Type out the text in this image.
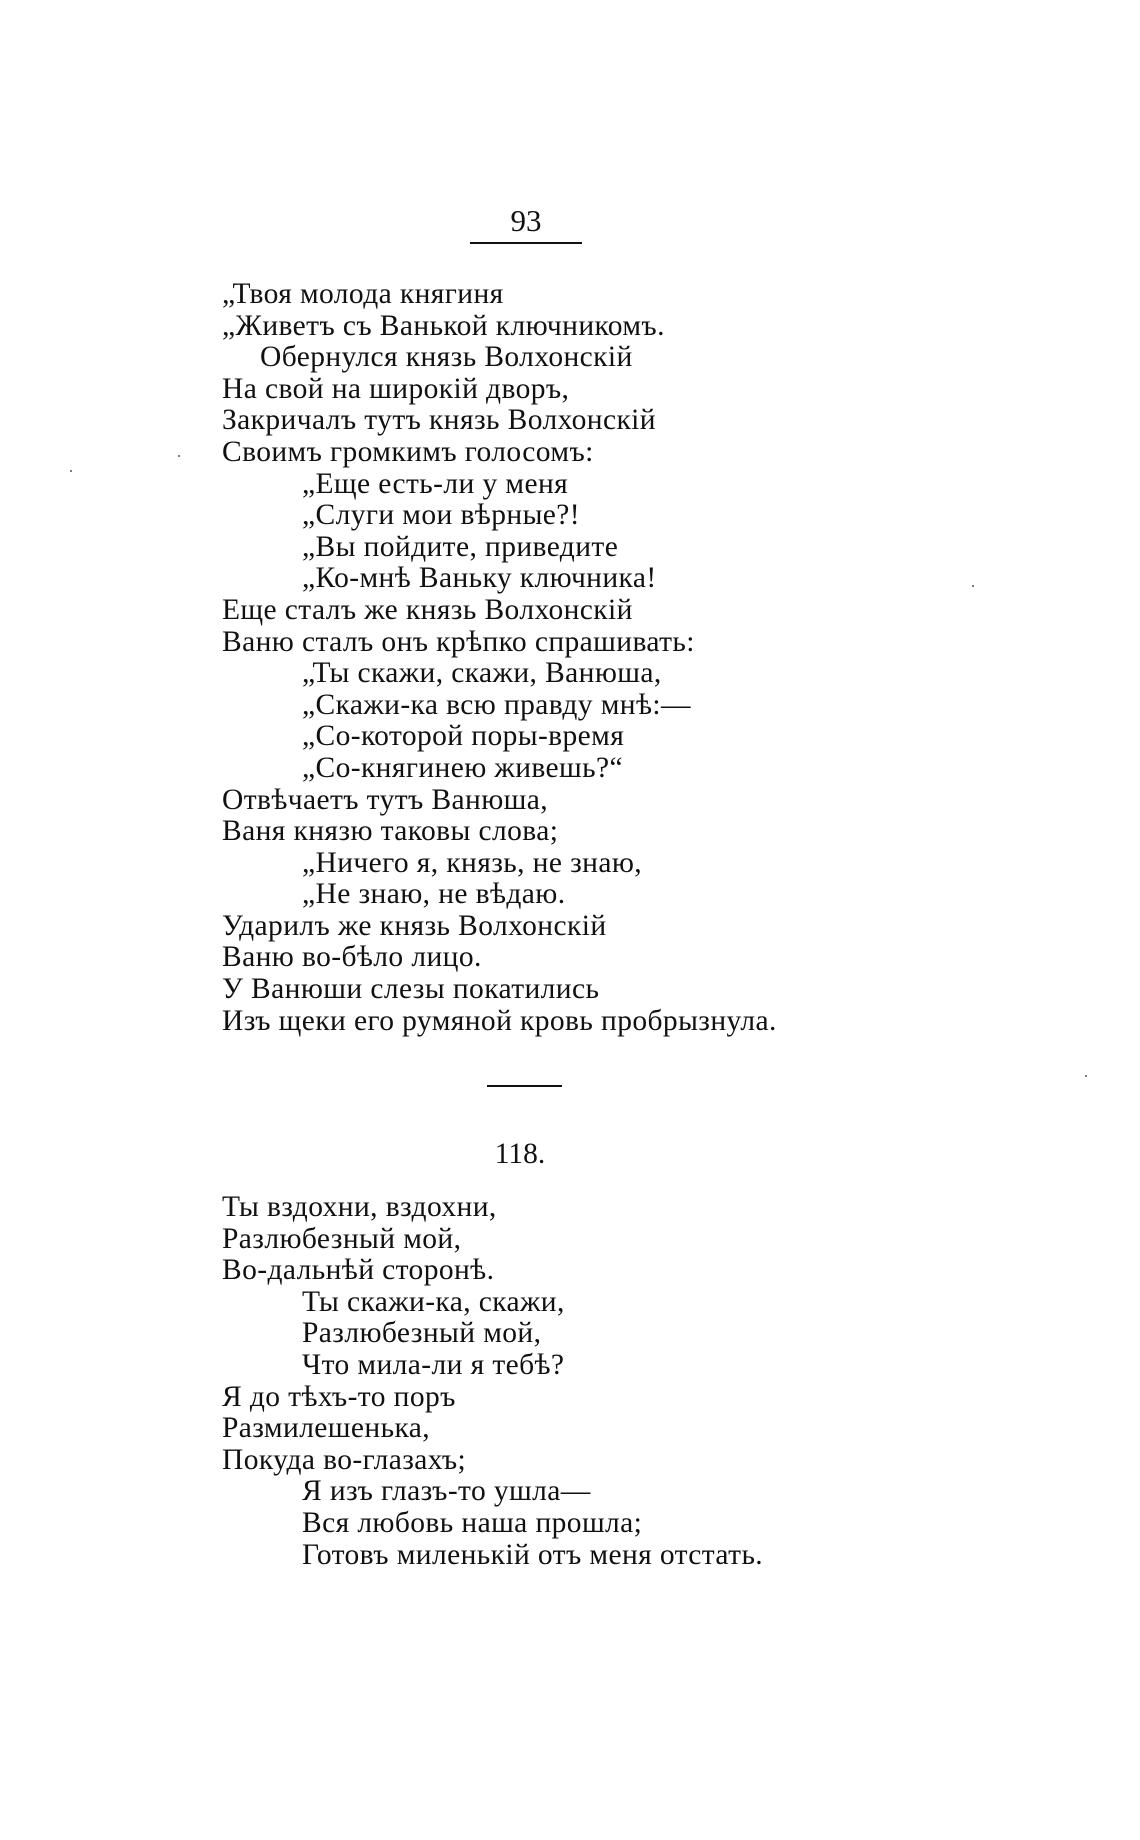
93
„Твоя молода княгиня
„Живетъ съ Ванькой ключникомъ.
Обернулся князь Волхонскій
На свой на широкій дворъ,
Закричалъ тутъ князь Волхонскій
Своимъ громкимъ голосомъ:
„Еще есть-ли у меня
„Слуги мои вѣрные?!
„Вы пойдите, приведите
„Ко-мнѣ Ваньку ключника!
Еще сталъ же князь Волхонскій
Ваню сталъ онъ крѣпко спрашивать:
„Ты скажи, скажи, Ванюша,
„Скажи-ка всю правду мнѣ:—
„Со-которой поры-время
„Со-княгинею живешь?“
Отвѣчаетъ тутъ Ванюша,
Ваня князю таковы слова;
„Ничего я, князь, не знаю,
„Не знаю, не вѣдаю.
Ударилъ же князь Волхонскій
Ваню во-бѣло лицо.
У Ванюши слезы покатились
Изъ щеки его румяной кровь пробрызнула.
118.
Ты вздохни, вздохни,
Разлюбезный мой,
Во-дальнѣй сторонѣ.
Ты скажи-ка, скажи,
Разлюбезный мой,
Что мила-ли я тебѣ?
Я до тѣхъ-то поръ
Размилешенька,
Покуда во-глазахъ;
Я изъ глазъ-то ушла—
Вся любовь наша прошла;
Готовъ миленькій отъ меня отстать.
